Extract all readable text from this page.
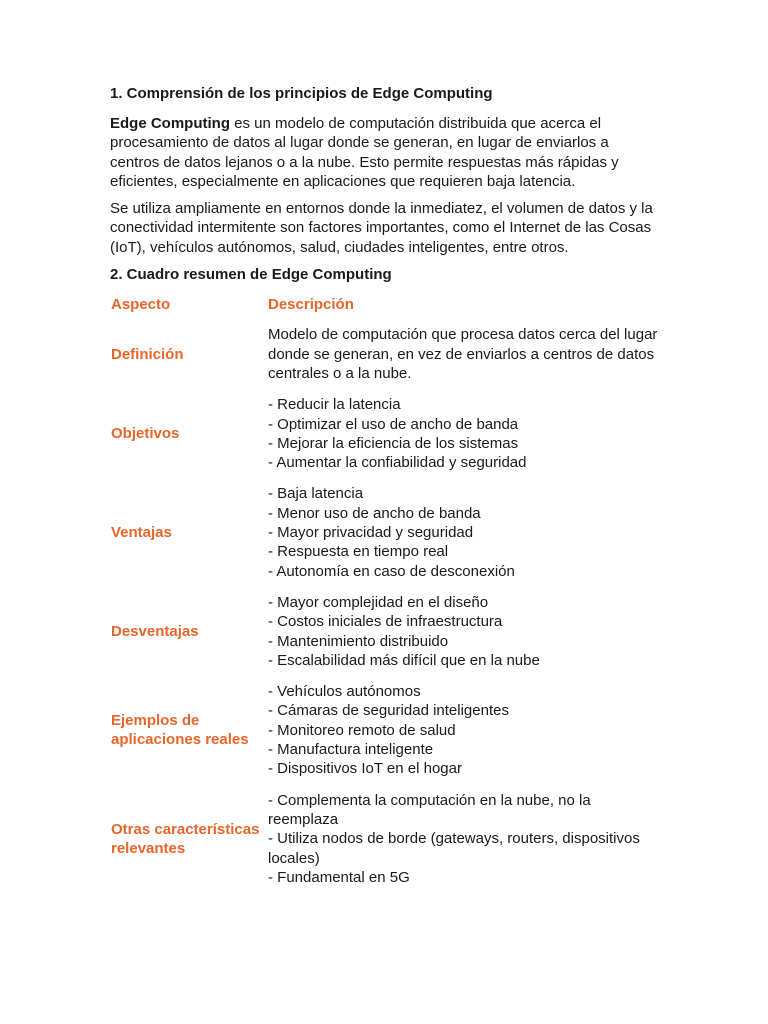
1. Comprensión de los principios de Edge Computing

Edge Computing es un modelo de computación distribuida que acerca el procesamiento de datos al lugar donde se generan, en lugar de enviarlos a centros de datos lejanos o a la nube. Esto permite respuestas más rápidas y eficientes, especialmente en aplicaciones que requieren baja latencia.

Se utiliza ampliamente en entornos donde la inmediatez, el volumen de datos y la conectividad intermitente son factores importantes, como el Internet de las Cosas (IoT), vehículos autónomos, salud, ciudades inteligentes, entre otros.

2. Cuadro resumen de Edge Computing
Aspecto	Descripción
Definición
Modelo de computación que procesa datos cerca del lugar donde se generan, en vez de enviarlos a centros de datos centrales o a la nube.
Objetivos
- Reducir la latencia
- Optimizar el uso de ancho de banda
- Mejorar la eficiencia de los sistemas
- Aumentar la confiabilidad y seguridad
Ventajas
- Baja latencia
- Menor uso de ancho de banda
- Mayor privacidad y seguridad
- Respuesta en tiempo real
- Autonomía en caso de desconexión
Desventajas
- Mayor complejidad en el diseño
- Costos iniciales de infraestructura
- Mantenimiento distribuido
- Escalabilidad más difícil que en la nube
Ejemplos de aplicaciones reales
- Vehículos autónomos
- Cámaras de seguridad inteligentes
- Monitoreo remoto de salud
- Manufactura inteligente
- Dispositivos IoT en el hogar
Otras características relevantes
- Complementa la computación en la nube, no la reemplaza
- Utiliza nodos de borde (gateways, routers, dispositivos locales)
- Fundamental en 5G
